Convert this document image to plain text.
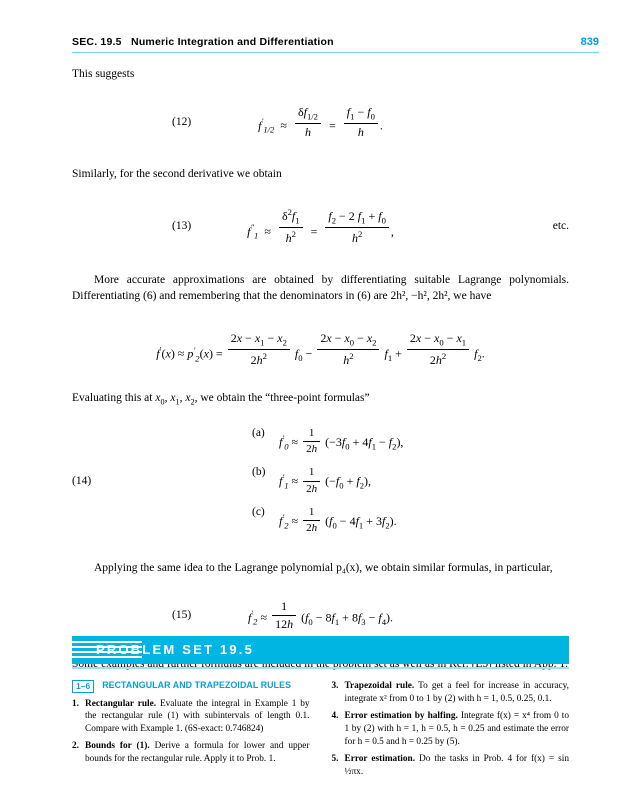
SEC. 19.5 Numeric Integration and Differentiation	839

This suggests

(12)	$f'_{1/2} \approx \frac{\delta f_{1/2}}{h} = \frac{f_1 - f_0}{h}$ .

Similarly, for the second derivative we obtain

(13)	$f''_1 \approx \frac{\delta^2f_1}{h^2} = \frac{f_2 - 2 f_1 + f_0}{h^2}$ ,	etc.

More accurate approximations are obtained by differentiating suitable Lagrange polynomials. Differentiating (6) and remembering that the denominators in (6) are 2h², −h², 2h², we have

$f'(x) \approx p'_2(x) = \frac{2x - x_1 - x_2}{2h^2} f_0 - \frac{2x - x_0 - x_2}{h^2} f_1 + \frac{2x - x_0 - x_1}{2h^2} f_2$.

Evaluating this at $x_0$, $x_1$, $x_2$, we obtain the “three-point formulas”

(a)
$f'_0 \approx \frac{1}{2h} (-3f_0 + 4f_1 - f_2)$,
(14)
(b)
$f'_1 \approx \frac{1}{2h} (-f_0 + f_2)$,
(c)
$f'_2 \approx \frac{1}{2h} (f_0 - 4f_1 + 3f_2)$.

Applying the same idea to the Lagrange polynomial p₄(x), we obtain similar formulas, in particular,

(15)	$f'_2 \approx \frac{1}{12h} (f_0 - 8f_1 + 8f_3 - f_4)$.

PROBLEM SET 19.5
1–6	RECTANGULAR AND TRAPEZOIDAL RULES
1. Rectangular rule. Evaluate the integral in Example 1 by the rectangular rule (1) with subintervals of length 0.1. Compare with Example 1. (6S-exact: 0.746824)
2. Bounds for (1). Derive a formula for lower and upper bounds for the rectangular rule. Apply it to Prob. 1.
3. Trapezoidal rule. To get a feel for increase in accuracy, integrate x² from 0 to 1 by (2) with h = 1, 0.5, 0.25, 0.1.
4. Error estimation by halfing. Integrate f(x) = x⁴ from 0 to 1 by (2) with h = 1, h = 0.5, h = 0.25 and estimate the error for h = 0.5 and h = 0.25 by (5).
5. Error estimation. Do the tasks in Prob. 4 for f(x) = sin ½πx.
